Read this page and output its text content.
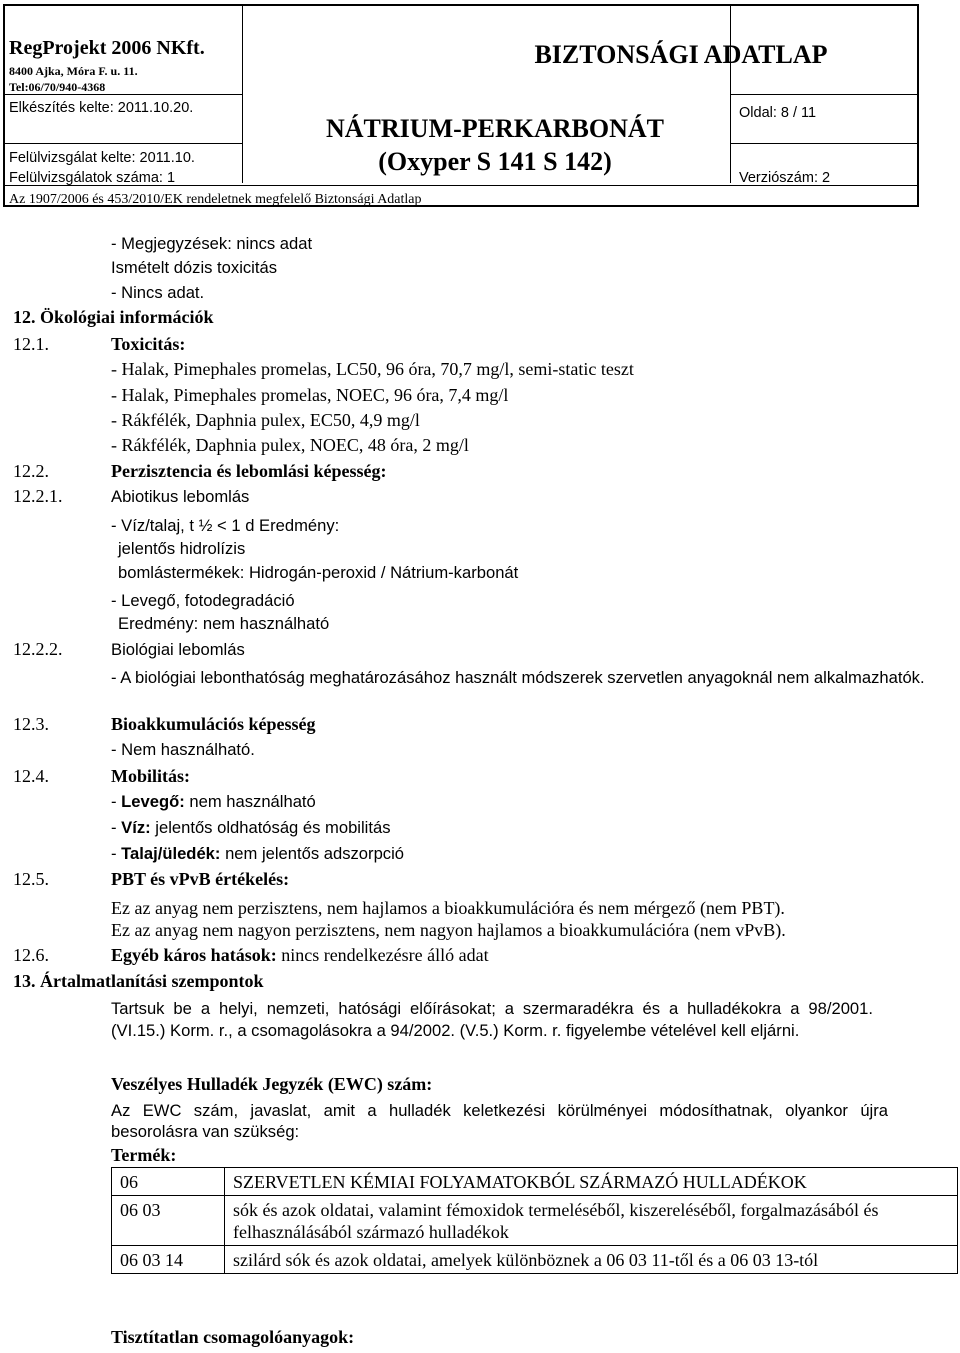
RegProjekt 2006 NKft.
8400 Ajka, Móra F. u. 11.
Tel:06/70/940-4368
Elkészítés kelte: 2011.10.20.
Felülvizsgálat kelte: 2011.10.
Felülvizsgálatok száma: 1
BIZTONSÁGI ADATLAP
NÁTRIUM-PERKARBONÁT
(Oxyper S 141 S 142)
Oldal: 8 / 11
Verziószám: 2
Az 1907/2006 és 453/2010/EK rendeletnek megfelelő Biztonsági Adatlap
- Megjegyzések: nincs adat
Ismételt dózis toxicitás
- Nincs adat.
12. Ökológiai információk
12.1.	Toxicitás:
- Halak, Pimephales promelas, LC50, 96 óra, 70,7 mg/l, semi-static teszt
- Halak, Pimephales promelas, NOEC, 96 óra, 7,4 mg/l
- Rákfélék, Daphnia pulex, EC50, 4,9 mg/l
- Rákfélék, Daphnia pulex, NOEC, 48 óra, 2 mg/l
12.2.	Perzisztencia és lebomlási képesség:
12.2.1.	Abiotikus lebomlás
- Víz/talaj, t ½ < 1 d Eredmény:
jelentős hidrolízis
bomlástermékek: Hidrogán-peroxid / Nátrium-karbonát
- Levegő, fotodegradáció
Eredmény: nem használható
12.2.2.	Biológiai lebomlás
- A biológiai lebonthatóság meghatározásához használt módszerek szervetlen anyagoknál nem alkalmazhatók.
12.3.	Bioakkumulációs képesség
- Nem használható.
12.4.	Mobilitás:
- Levegő: nem használható
- Víz: jelentős oldhatóság és mobilitás
- Talaj/üledék: nem jelentős adszorpció
12.5.	PBT és vPvB értékelés:
Ez az anyag nem perzisztens, nem hajlamos a bioakkumulációra és nem mérgező (nem PBT).
Ez az anyag nem nagyon perzisztens, nem nagyon hajlamos a bioakkumulációra (nem vPvB).
12.6.	Egyéb káros hatások: nincs rendelkezésre álló adat
13. Ártalmatlanítási szempontok
Tartsuk be a helyi, nemzeti, hatósági előírásokat; a szermaradékra és a hulladékokra a 98/2001. (VI.15.) Korm. r., a csomagolásokra a 94/2002. (V.5.) Korm. r. figyelembe vételével kell eljárni.
Veszélyes Hulladék Jegyzék (EWC) szám:
Az EWC szám, javaslat, amit a hulladék keletkezési körülményei módosíthatnak, olyankor újra besorolásra van szükség:
Termék:
06	SZERVETLEN KÉMIAI FOLYAMATOKBÓL SZÁRMAZÓ HULLADÉKOK
06 03	sók és azok oldatai, valamint fémoxidok termeléséből, kiszereléséből, forgalmazásából és felhasználásából származó hulladékok
06 03 14	szilárd sók és azok oldatai, amelyek különböznek a 06 03 11-től és a 06 03 13-tól
Tisztítatlan csomagolóanyagok:
